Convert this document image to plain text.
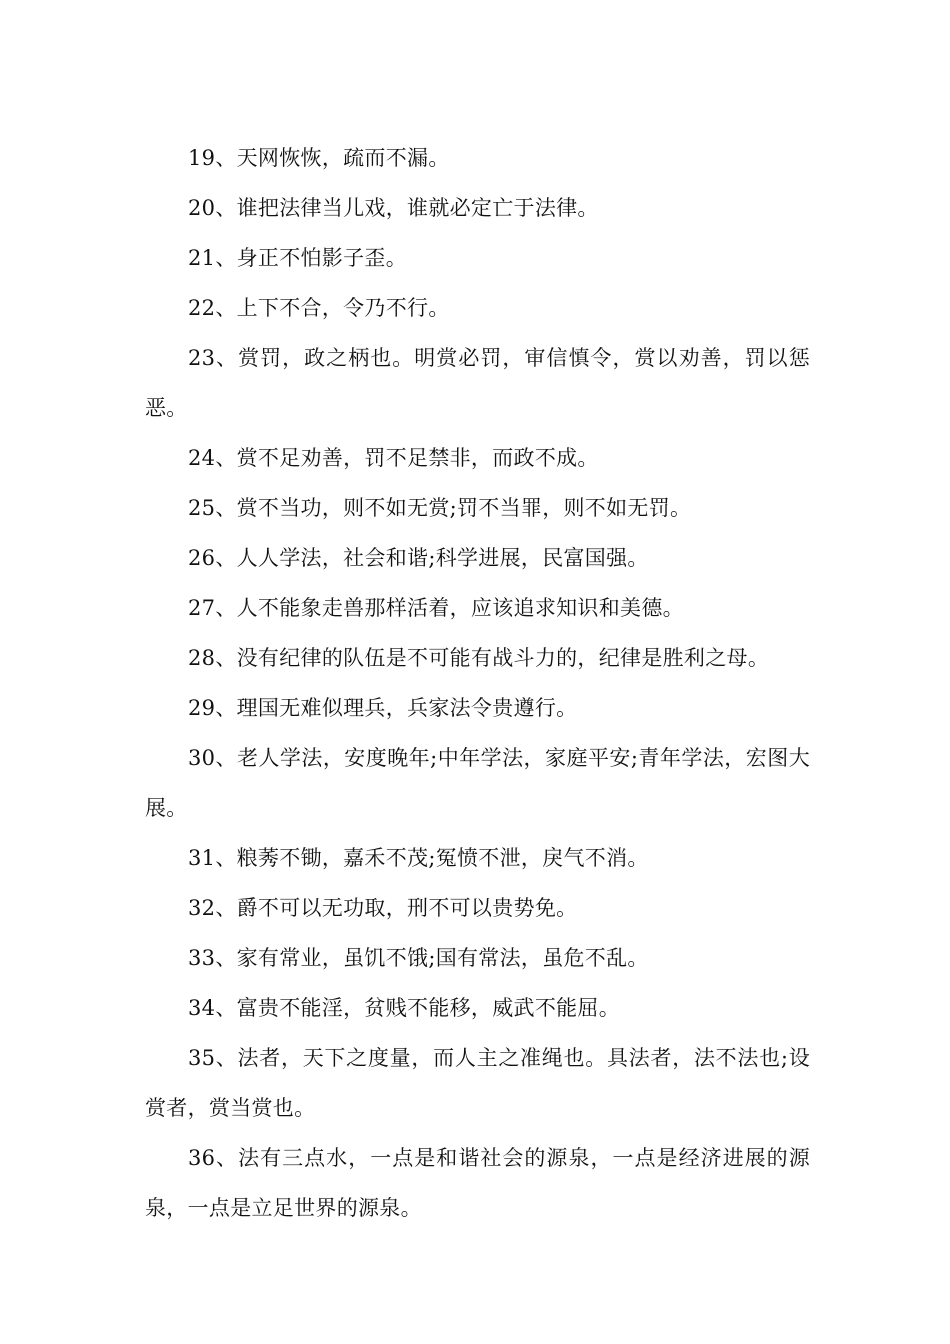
19、天网恢恢，疏而不漏。

20、谁把法律当儿戏，谁就必定亡于法律。

21、身正不怕影子歪。

22、上下不合，令乃不行。

23、赏罚，政之柄也。明赏必罚，审信慎令，赏以劝善，罚以惩恶。

24、赏不足劝善，罚不足禁非，而政不成。

25、赏不当功，则不如无赏;罚不当罪，则不如无罚。

26、人人学法，社会和谐;科学进展，民富国强。

27、人不能象走兽那样活着，应该追求知识和美德。

28、没有纪律的队伍是不可能有战斗力的，纪律是胜利之母。

29、理国无难似理兵，兵家法令贵遵行。

30、老人学法，安度晚年;中年学法，家庭平安;青年学法，宏图大展。

31、粮莠不锄，嘉禾不茂;冤愤不泄，戾气不消。

32、爵不可以无功取，刑不可以贵势免。

33、家有常业，虽饥不饿;国有常法，虽危不乱。

34、富贵不能淫，贫贱不能移，威武不能屈。

35、法者，天下之度量，而人主之准绳也。具法者，法不法也;设赏者，赏当赏也。

36、法有三点水，一点是和谐社会的源泉，一点是经济进展的源泉，一点是立足世界的源泉。
